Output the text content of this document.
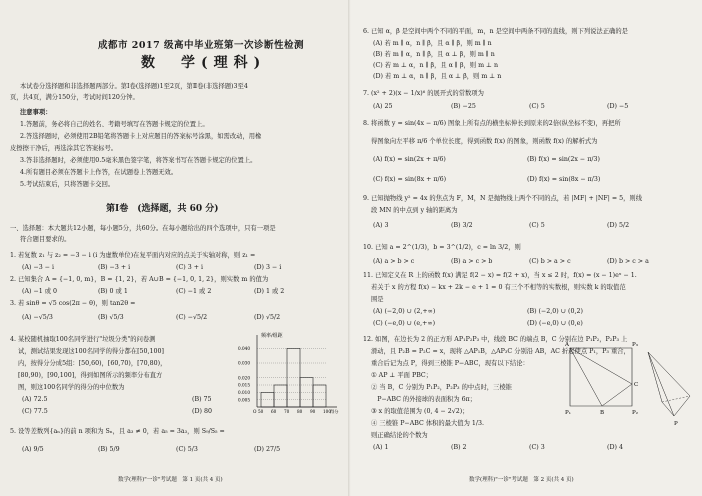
成都市 2017 级高中毕业班第一次诊断性检测
数　学(理科)
本试卷分选择题和非选择题两部分。第Ⅰ卷(选择题)1至2页，第Ⅱ卷(非选择题)3至4
页，共4页，满分150分，考试时间120分钟。
注意事项：
1.答题前，务必将自己的姓名、考籍号填写在答题卡规定的位置上。
2.答选择题时，必须使用2B铅笔将答题卡上对应题目的答案标号涂黑，如需改动，用橡
皮擦擦干净后，再选涂其它答案标号。
3.答非选择题时，必须使用0.5毫米黑色签字笔，将答案书写在答题卡规定的位置上。
4.所有题目必须在答题卡上作答，在试题卷上答题无效。
5.考试结束后，只将答题卡交回。
第Ⅰ卷　(选择题，共 60 分)
一、选择题：本大题共12小题，每小题5分，共60分。在每小题给出的四个选项中，只有一项是
符合题目要求的。
1. 若复数 z₁ 与 z₂ = −3 − i (i 为虚数单位)在复平面内对应的点关于实轴对称，则 z₁ =
(A) −3 − i	(B) −3 + i	(C) 3 + i	(D) 3 − i
2. 已知集合 A = {−1, 0, m}，B = {1, 2}，若 A∪B = {−1, 0, 1, 2}，则实数 m 的值为
(A) −1 或 0	(B) 0 或 1	(C) −1 或 2	(D) 1 或 2
3. 若 sinθ = √5 cos(2π − θ)，则 tan2θ =
(A) −√5/3	(B) √5/3	(C) −√5/2	(D) √5/2
4. 某校随机抽取100名同学进行"垃圾分类"的问卷测
试，测试结果发现这100名同学的得分都在[50,100]
内，按得分分成5组：[50,60)，[60,70)，[70,80)，
[80,90)，[90,100]，得到如图所示的频率分布直方
图，则这100名同学的得分的中位数为
(A) 72.5	(B) 75
(C) 77.5	(D) 80
0.040
0.030
0.020
0.015
0.010
0.005
O 50 60 70 80 90 100 得分
频率/组距
5. 设等差数列{aₙ}的前 n 项和为 Sₙ，且 a₃ ≠ 0，若 a₅ = 3a₃，则 S₉/S₅ =
(A) 9/5	(B) 5/9	(C) 5/3	(D) 27/5
数学(理科)"一诊"考试题　第 1 页(共 4 页)
6. 已知 α，β 是空间中两个不同的平面，m，n 是空间中两条不同的直线，则下列说法正确的是
(A) 若 m ∥ α，n ∥ β，且 α ∥ β，则 m ∥ n
(B) 若 m ∥ α，n ∥ β，且 α ⊥ β，则 m ∥ n
(C) 若 m ⊥ α，n ∥ β，且 α ∥ β，则 m ⊥ n
(D) 若 m ⊥ α，n ∥ β，且 α ⊥ β，则 m ⊥ n
7. (x² + 2)(x − 1/x)⁶ 的展开式的常数项为
(A) 25	(B) −25	(C) 5	(D) −5
8. 将函数 y = sin(4x − π/6) 图象上所有点的横坐标伸长到原来的2倍(纵坐标不变)，再把所
得图象向左平移 π/6 个单位长度，得到函数 f(x) 的图象，则函数 f(x) 的解析式为
(A) f(x) = sin(2x + π/6)	(B) f(x) = sin(2x − π/3)
(C) f(x) = sin(8x + π/6)	(D) f(x) = sin(8x − π/3)
9. 已知抛物线 y² = 4x 的焦点为 F，M，N 是抛物线上两个不同的点，若 |MF| + |NF| = 5，则线
段 MN 的中点到 y 轴的距离为
(A) 3	(B) 3/2	(C) 5	(D) 5/2
10. 已知 a = 2^(1/3)，b = 3^(1/2)，c = ln 3/2，则
(A) a > b > c	(B) a > c > b	(C) b > a > c	(D) b > c > a
11. 已知定义在 R 上的函数 f(x) 满足 f(2 − x) = f(2 + x)，当 x ≤ 2 时，f(x) = (x − 1)eˣ − 1.
若关于 x 的方程 f(x) − kx + 2k − e + 1 = 0 有三个不相等的实数根，则实数 k 的取值范
围是
(A) (−2,0) ∪ (2,+∞)	(B) (−2,0) ∪ (0,2)
(C) (−e,0) ∪ (e,+∞)	(D) (−e,0) ∪ (0,e)
12. 如图，在边长为 2 的正方形 AP₁P₂P₃ 中，线段 BC 的端点 B，C 分别在边 P₁P₂，P₂P₃ 上
滑动，且 P₂B = P₂C = x，现将 △AP₁B，△AP₃C 分别沿 AB，AC 折起使点 P₁，P₃ 重合，
重合后记为点 P，得到三棱锥 P−ABC，现有以下结论：
① AP ⊥ 平面 PBC；
② 当 B，C 分别为 P₁P₂，P₂P₃ 的中点时，三棱锥
　P−ABC 的外接球的表面积为 6π；
③ x 的取值范围为 (0, 4 − 2√2)；
④ 三棱锥 P−ABC 体积的最大值为 1/3.
则正确结论的个数为
(A) 1	(B) 2	(C) 3	(D) 4
数学(理科)"一诊"考试题　第 2 页(共 4 页)
A	P₃
C
P₂
B
P₁
P
